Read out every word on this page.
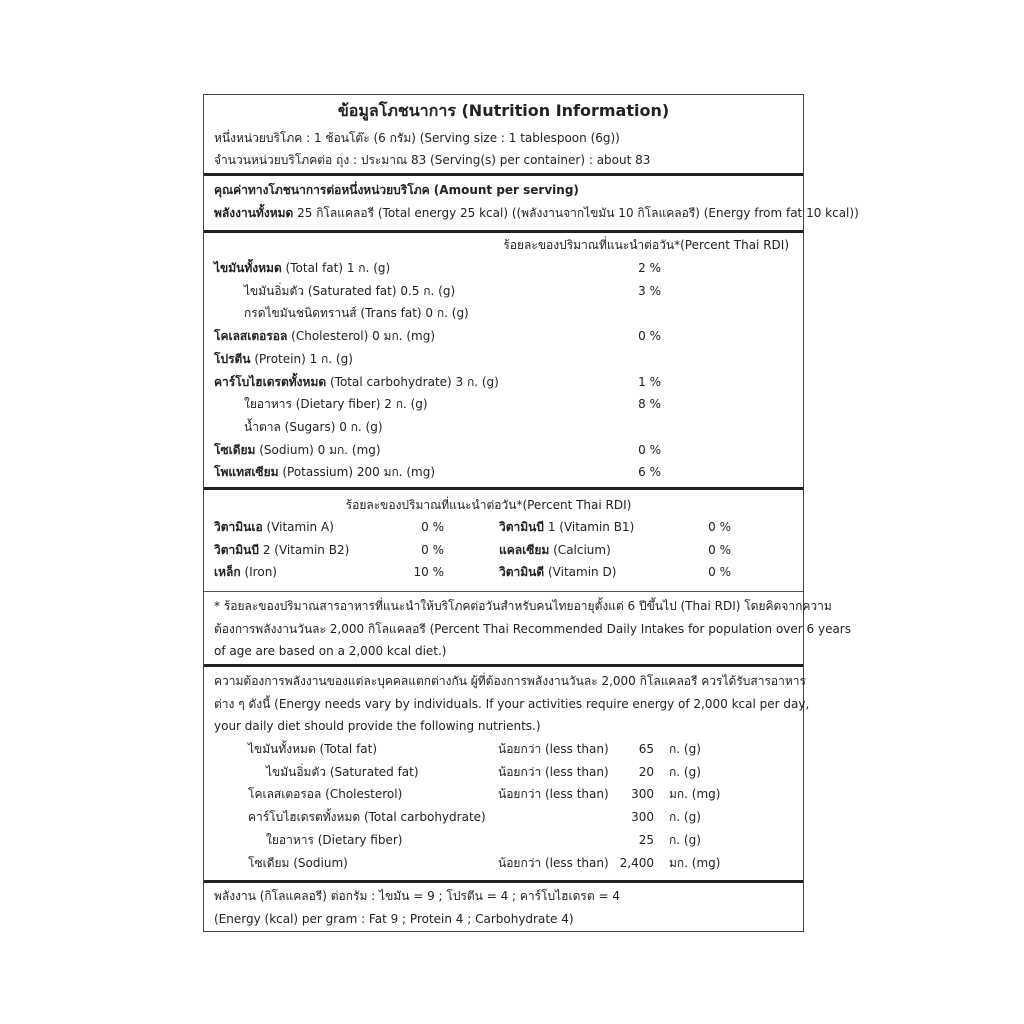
ข้อมูลโภชนาการ (Nutrition Information)
หนึ่งหน่วยบริโภค : 1 ช้อนโต๊ะ (6 กรัม) (Serving size : 1 tablespoon (6g))
จำนวนหน่วยบริโภคต่อ ถุง : ประมาณ 83 (Serving(s) per container) : about 83
คุณค่าทางโภชนาการต่อหนึ่งหน่วยบริโภค (Amount per serving)
พลังงานทั้งหมด 25 กิโลแคลอรี (Total energy 25 kcal) ((พลังงานจากไขมัน 10 กิโลแคลอรี) (Energy from fat 10 kcal))
ร้อยละของปริมาณที่แนะนำต่อวัน*(Percent Thai RDI)
ไขมันทั้งหมด (Total fat) 1 ก. (g)	2 %
ไขมันอิ่มตัว (Saturated fat) 0.5 ก. (g)	3 %
กรดไขมันชนิดทรานส์ (Trans fat) 0 ก. (g)
โคเลสเตอรอล (Cholesterol) 0 มก. (mg)	0 %
โปรตีน (Protein) 1 ก. (g)
คาร์โบไฮเดรตทั้งหมด (Total carbohydrate) 3 ก. (g)	1 %
ใยอาหาร (Dietary fiber) 2 ก. (g)	8 %
น้ำตาล (Sugars) 0 ก. (g)
โซเดียม (Sodium) 0 มก. (mg)	0 %
โพแทสเซียม (Potassium) 200 มก. (mg)	6 %
ร้อยละของปริมาณที่แนะนำต่อวัน*(Percent Thai RDI)
วิตามินเอ (Vitamin A)	0 %	วิตามินบี 1 (Vitamin B1)	0 %
วิตามินบี 2 (Vitamin B2)	0 %	แคลเซียม (Calcium)	0 %
เหล็ก (Iron)	10 %	วิตามินดี (Vitamin D)	0 %
* ร้อยละของปริมาณสารอาหารที่แนะนำให้บริโภคต่อวันสำหรับคนไทยอายุตั้งแต่ 6 ปีขึ้นไป (Thai RDI) โดยคิดจากความ
ต้องการพลังงานวันละ 2,000 กิโลแคลอรี (Percent Thai Recommended Daily Intakes for population over 6 years
of age are based on a 2,000 kcal diet.)
ความต้องการพลังงานของแต่ละบุคคลแตกต่างกัน ผู้ที่ต้องการพลังงานวันละ 2,000 กิโลแคลอรี ควรได้รับสารอาหาร
ต่าง ๆ ดังนี้ (Energy needs vary by individuals. If your activities require energy of 2,000 kcal per day,
your daily diet should provide the following nutrients.)
ไขมันทั้งหมด (Total fat)	น้อยกว่า (less than)	65 ก. (g)
ไขมันอิ่มตัว (Saturated fat)	น้อยกว่า (less than)	20 ก. (g)
โคเลสเตอรอล (Cholesterol)	น้อยกว่า (less than)	300 มก. (mg)
คาร์โบไฮเดรตทั้งหมด (Total carbohydrate)	300 ก. (g)
ใยอาหาร (Dietary fiber)	25 ก. (g)
โซเดียม (Sodium)	น้อยกว่า (less than) 2,400 มก. (mg)
พลังงาน (กิโลแคลอรี) ต่อกรัม : ไขมัน = 9 ; โปรตีน = 4 ; คาร์โบไฮเดรต = 4
(Energy (kcal) per gram : Fat 9 ; Protein 4 ; Carbohydrate 4)
